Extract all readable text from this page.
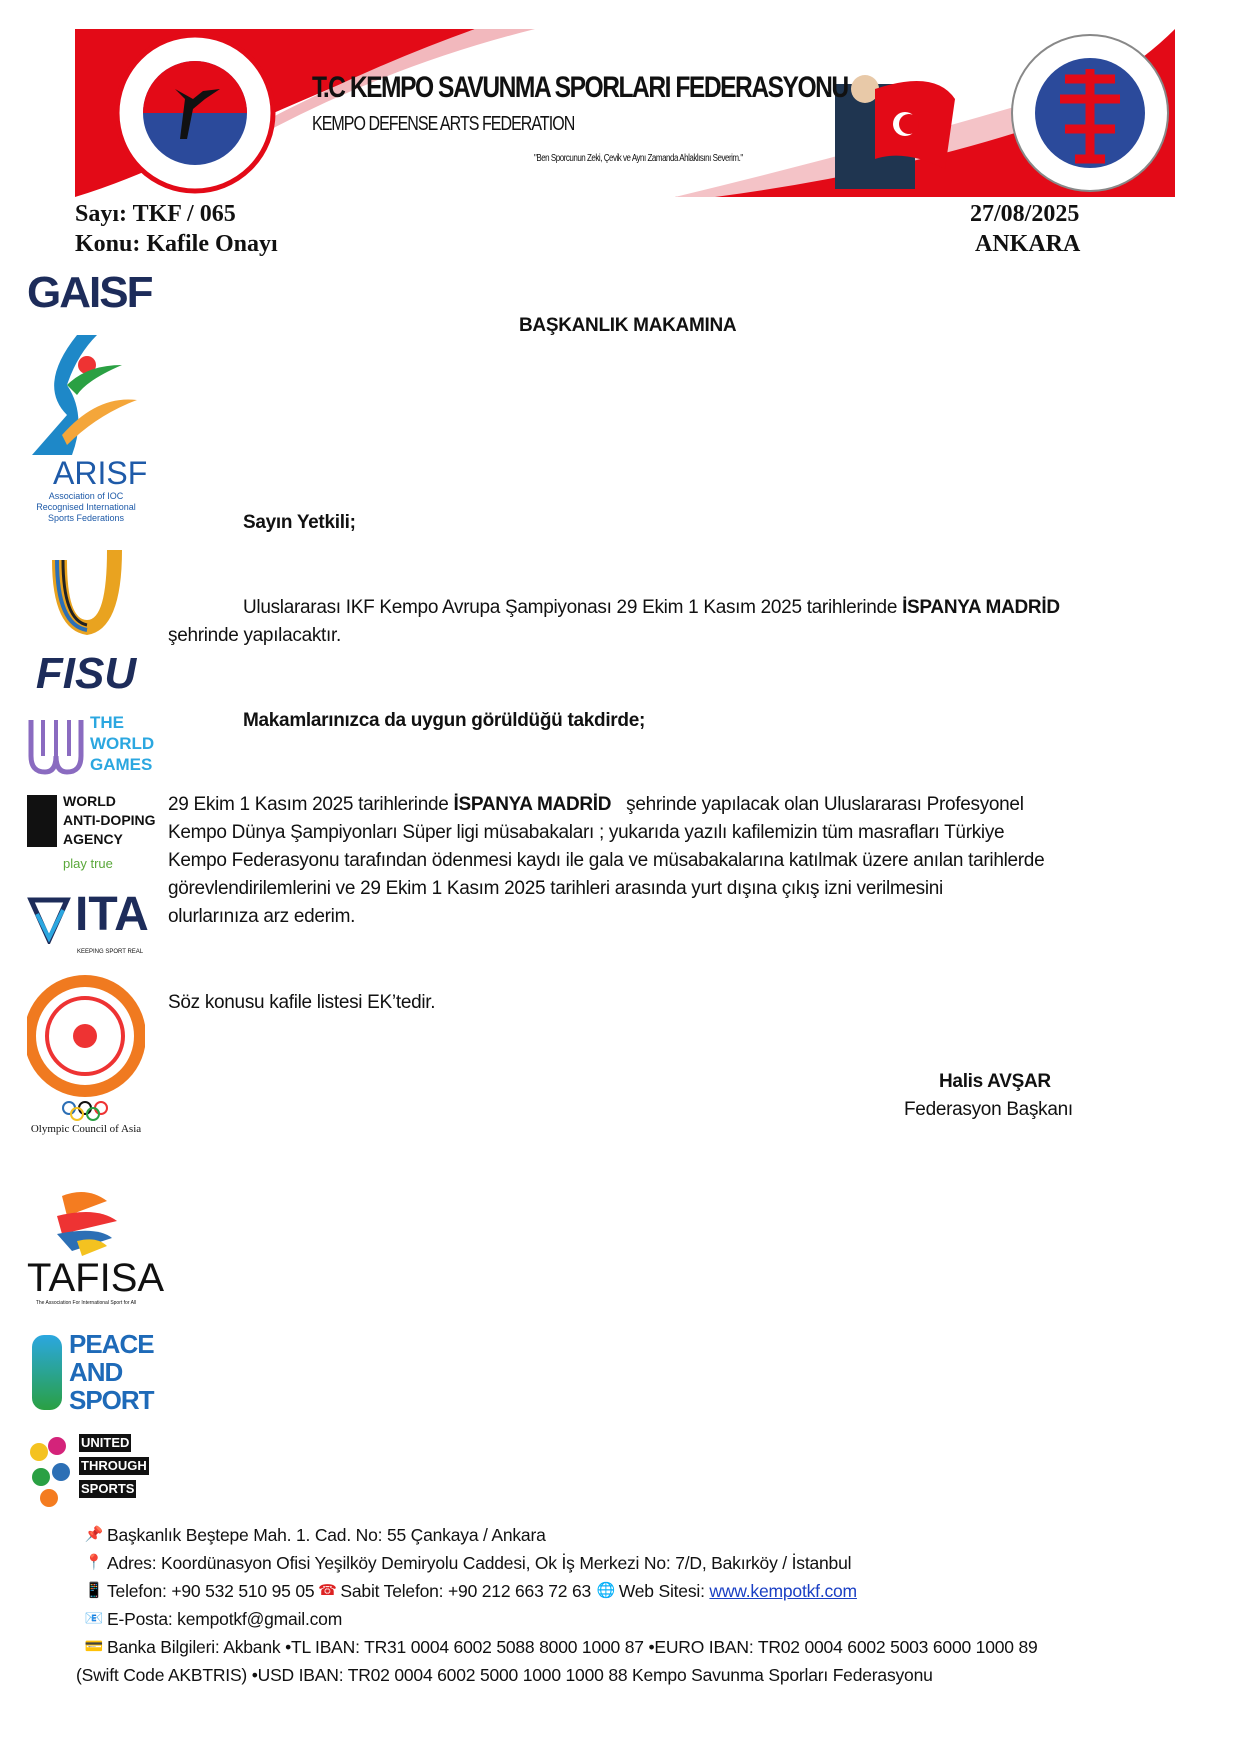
T.C KEMPO SAVUNMA SPORLARI FEDERASYONU
KEMPO DEFENSE ARTS FEDERATION
"Ben Sporcunun Zeki, Çevik ve Aynı Zamanda Ahlaklısını Severim."
Sayı: TKF / 065
Konu: Kafile Onayı
27/08/2025
ANKARA
GAISF
ARISF
Association of IOC Recognised International Sports Federations
FISU
THE
WORLD
GAMES
WORLD
ANTI-DOPING
AGENCY
play true
ITA
KEEPING SPORT REAL
Olympic Council of Asia
TAFISA
The Association For International Sport for All
PEACE
AND
SPORT
UNITED
THROUGH
SPORTS
BAŞKANLIK MAKAMINA
Sayın Yetkili;
Uluslararası IKF Kempo Avrupa Şampiyonası 29 Ekim 1 Kasım 2025 tarihlerinde İSPANYA MADRİD
şehrinde yapılacaktır.
Makamlarınızca da uygun görüldüğü takdirde;
29 Ekim 1 Kasım 2025 tarihlerinde İSPANYA MADRİD   şehrinde yapılacak olan Uluslararası Profesyonel
Kempo Dünya Şampiyonları Süper ligi müsabakaları ; yukarıda yazılı kafilemizin tüm masrafları Türkiye
Kempo Federasyonu tarafından ödenmesi kaydı ile gala ve müsabakalarına katılmak üzere anılan tarihlerde
görevlendirilemlerini ve 29 Ekim 1 Kasım 2025 tarihleri arasında yurt dışına çıkış izni verilmesini
olurlarınıza arz ederim.
Söz konusu kafile listesi EK’tedir.
Halis AVŞAR
Federasyon Başkanı
📌 Başkanlık Beştepe Mah. 1. Cad. No: 55 Çankaya / Ankara
📍 Adres: Koordünasyon Ofisi Yeşilköy Demiryolu Caddesi, Ok İş Merkezi No: 7/D, Bakırköy / İstanbul
📱 Telefon: +90 532 510 95 05 ☎ Sabit Telefon: +90 212 663 72 63 🌐 Web Sitesi: www.kempotkf.com
📧 E-Posta: kempotkf@gmail.com
💳 Banka Bilgileri: Akbank •TL IBAN: TR31 0004 6002 5088 8000 1000 87 •EURO IBAN: TR02 0004 6002 5003 6000 1000 89
(Swift Code AKBTRIS) •USD IBAN: TR02 0004 6002 5000 1000 1000 88 Kempo Savunma Sporları Federasyonu
